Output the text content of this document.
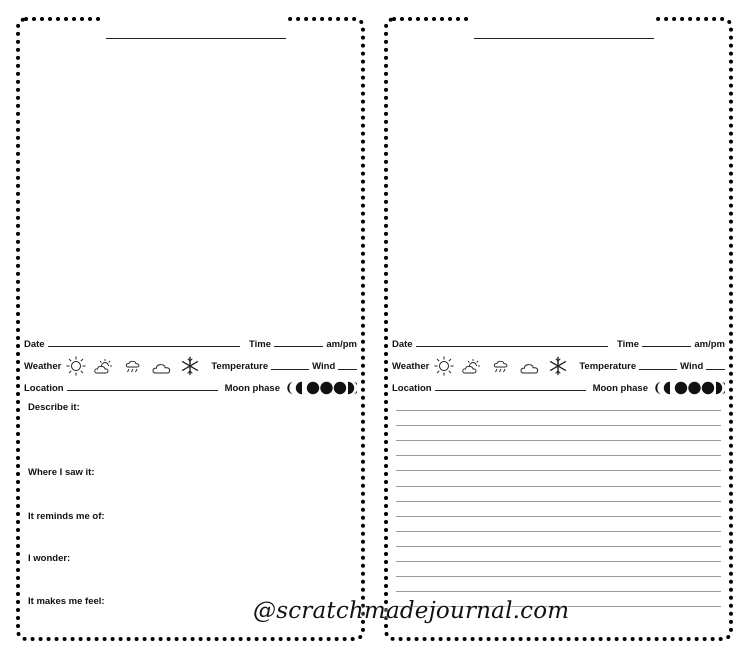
Date	Time	am/pm
Weather	Temperature	Wind
Location	Moon phase
Describe it:
Where I saw it:
It reminds me of:
I wonder:
It makes me feel:
Date	Time	am/pm
Weather	Temperature	Wind
Location	Moon phase
@scratchmadejournal.com
